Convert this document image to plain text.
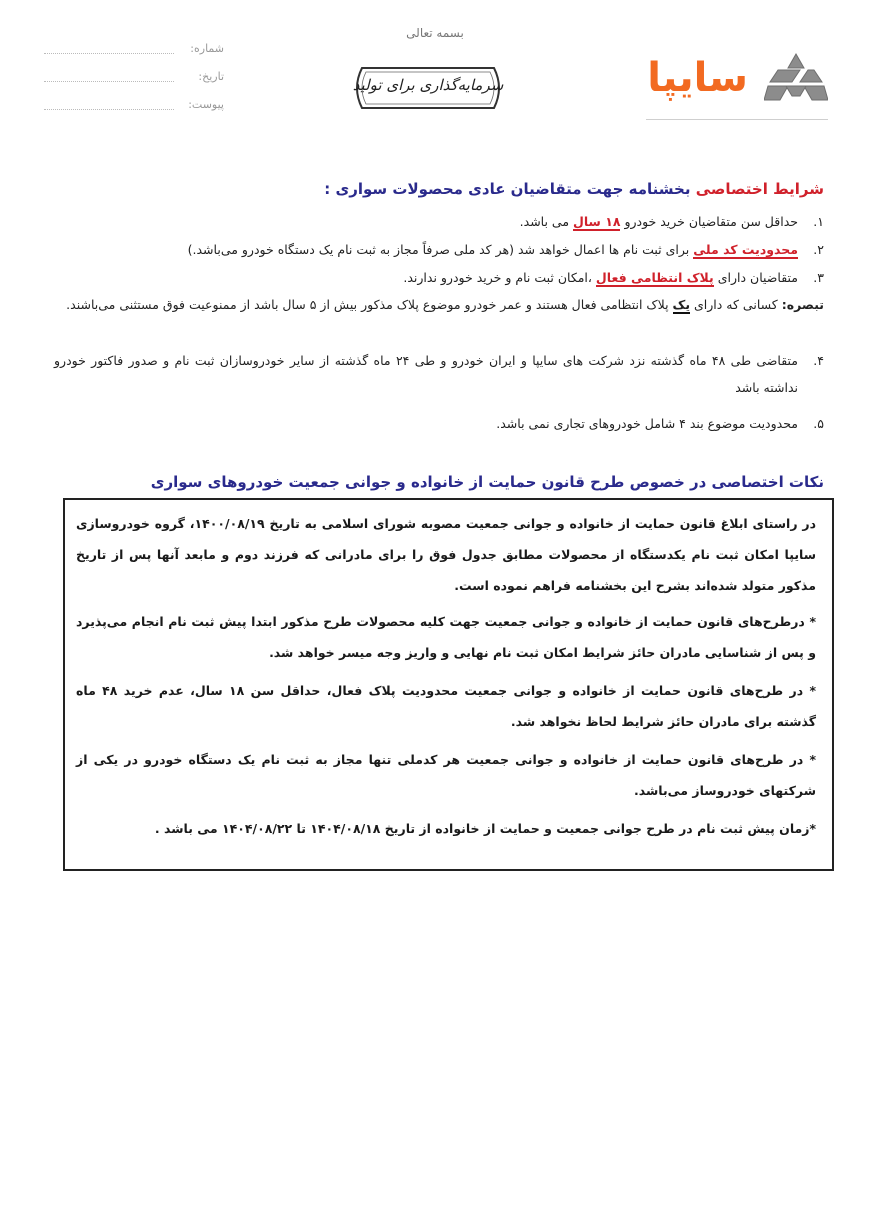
بسمه تعالی
سایپا
سرمایه‌گذاری برای تولید
شماره:
تاریخ:
پیوست:
شرایط اختصاصی بخشنامه جهت متقاضیان عادی محصولات سواری :
۱.
حداقل سن متقاضیان خرید خودرو ۱۸ سال می باشد.
۲.
محدودیت کد ملی برای ثبت نام ها اعمال خواهد شد (هر کد ملی صرفاً مجاز به ثبت نام یک دستگاه خودرو می‌باشد.)
۳.
متقاضیان دارای پلاک انتظامی فعال ،امکان ثبت نام و خرید خودرو ندارند.
تبصره: کسانی که دارای یک پلاک انتظامی فعال هستند و عمر خودرو موضوع پلاک مذکور بیش از ۵ سال باشد از ممنوعیت فوق مستثنی می‌باشند.
۴.
متقاضی طی ۴۸ ماه گذشته نزد شرکت های سایپا و ایران خودرو و طی ۲۴ ماه گذشته از سایر خودروسازان ثبت نام و صدور فاکتور خودرو نداشته باشد
۵.
محدودیت موضوع بند ۴ شامل خودروهای تجاری نمی باشد.
نکات اختصاصی در خصوص طرح قانون حمایت از خانواده و جوانی جمعیت خودروهای سواری

در راستای ابلاغ قانون حمایت از خانواده و جوانی جمعیت مصوبه شورای اسلامی به تاریخ ۱۴۰۰/۰۸/۱۹، گروه خودروسازی سایپا امکان ثبت نام یکدستگاه از محصولات مطابق جدول فوق را برای مادرانی که فرزند دوم و مابعد آنها پس از تاریخ مذکور متولد شده‌اند بشرح این بخشنامه فراهم نموده است.

* درطرح‌های قانون حمایت از خانواده و جوانی جمعیت جهت کلیه محصولات طرح مذکور ابتدا پیش ثبت نام انجام می‌پذیرد و پس از شناسایی مادران حائز شرایط امکان ثبت نام نهایی و واریز وجه میسر خواهد شد.

* در طرح‌های قانون حمایت از خانواده و جوانی جمعیت محدودیت پلاک فعال، حداقل سن ۱۸ سال، عدم خرید ۴۸ ماه گذشته برای مادران حائز شرایط لحاظ نخواهد شد.

* در طرح‌های قانون حمایت از خانواده و جوانی جمعیت هر کدملی تنها مجاز به ثبت نام یک دستگاه خودرو در یکی از شرکتهای خودروساز می‌باشد.

*زمان پیش ثبت نام در طرح جوانی جمعیت و حمایت از خانواده از تاریخ ۱۴۰۴/۰۸/۱۸ تا ۱۴۰۴/۰۸/۲۲ می باشد .
